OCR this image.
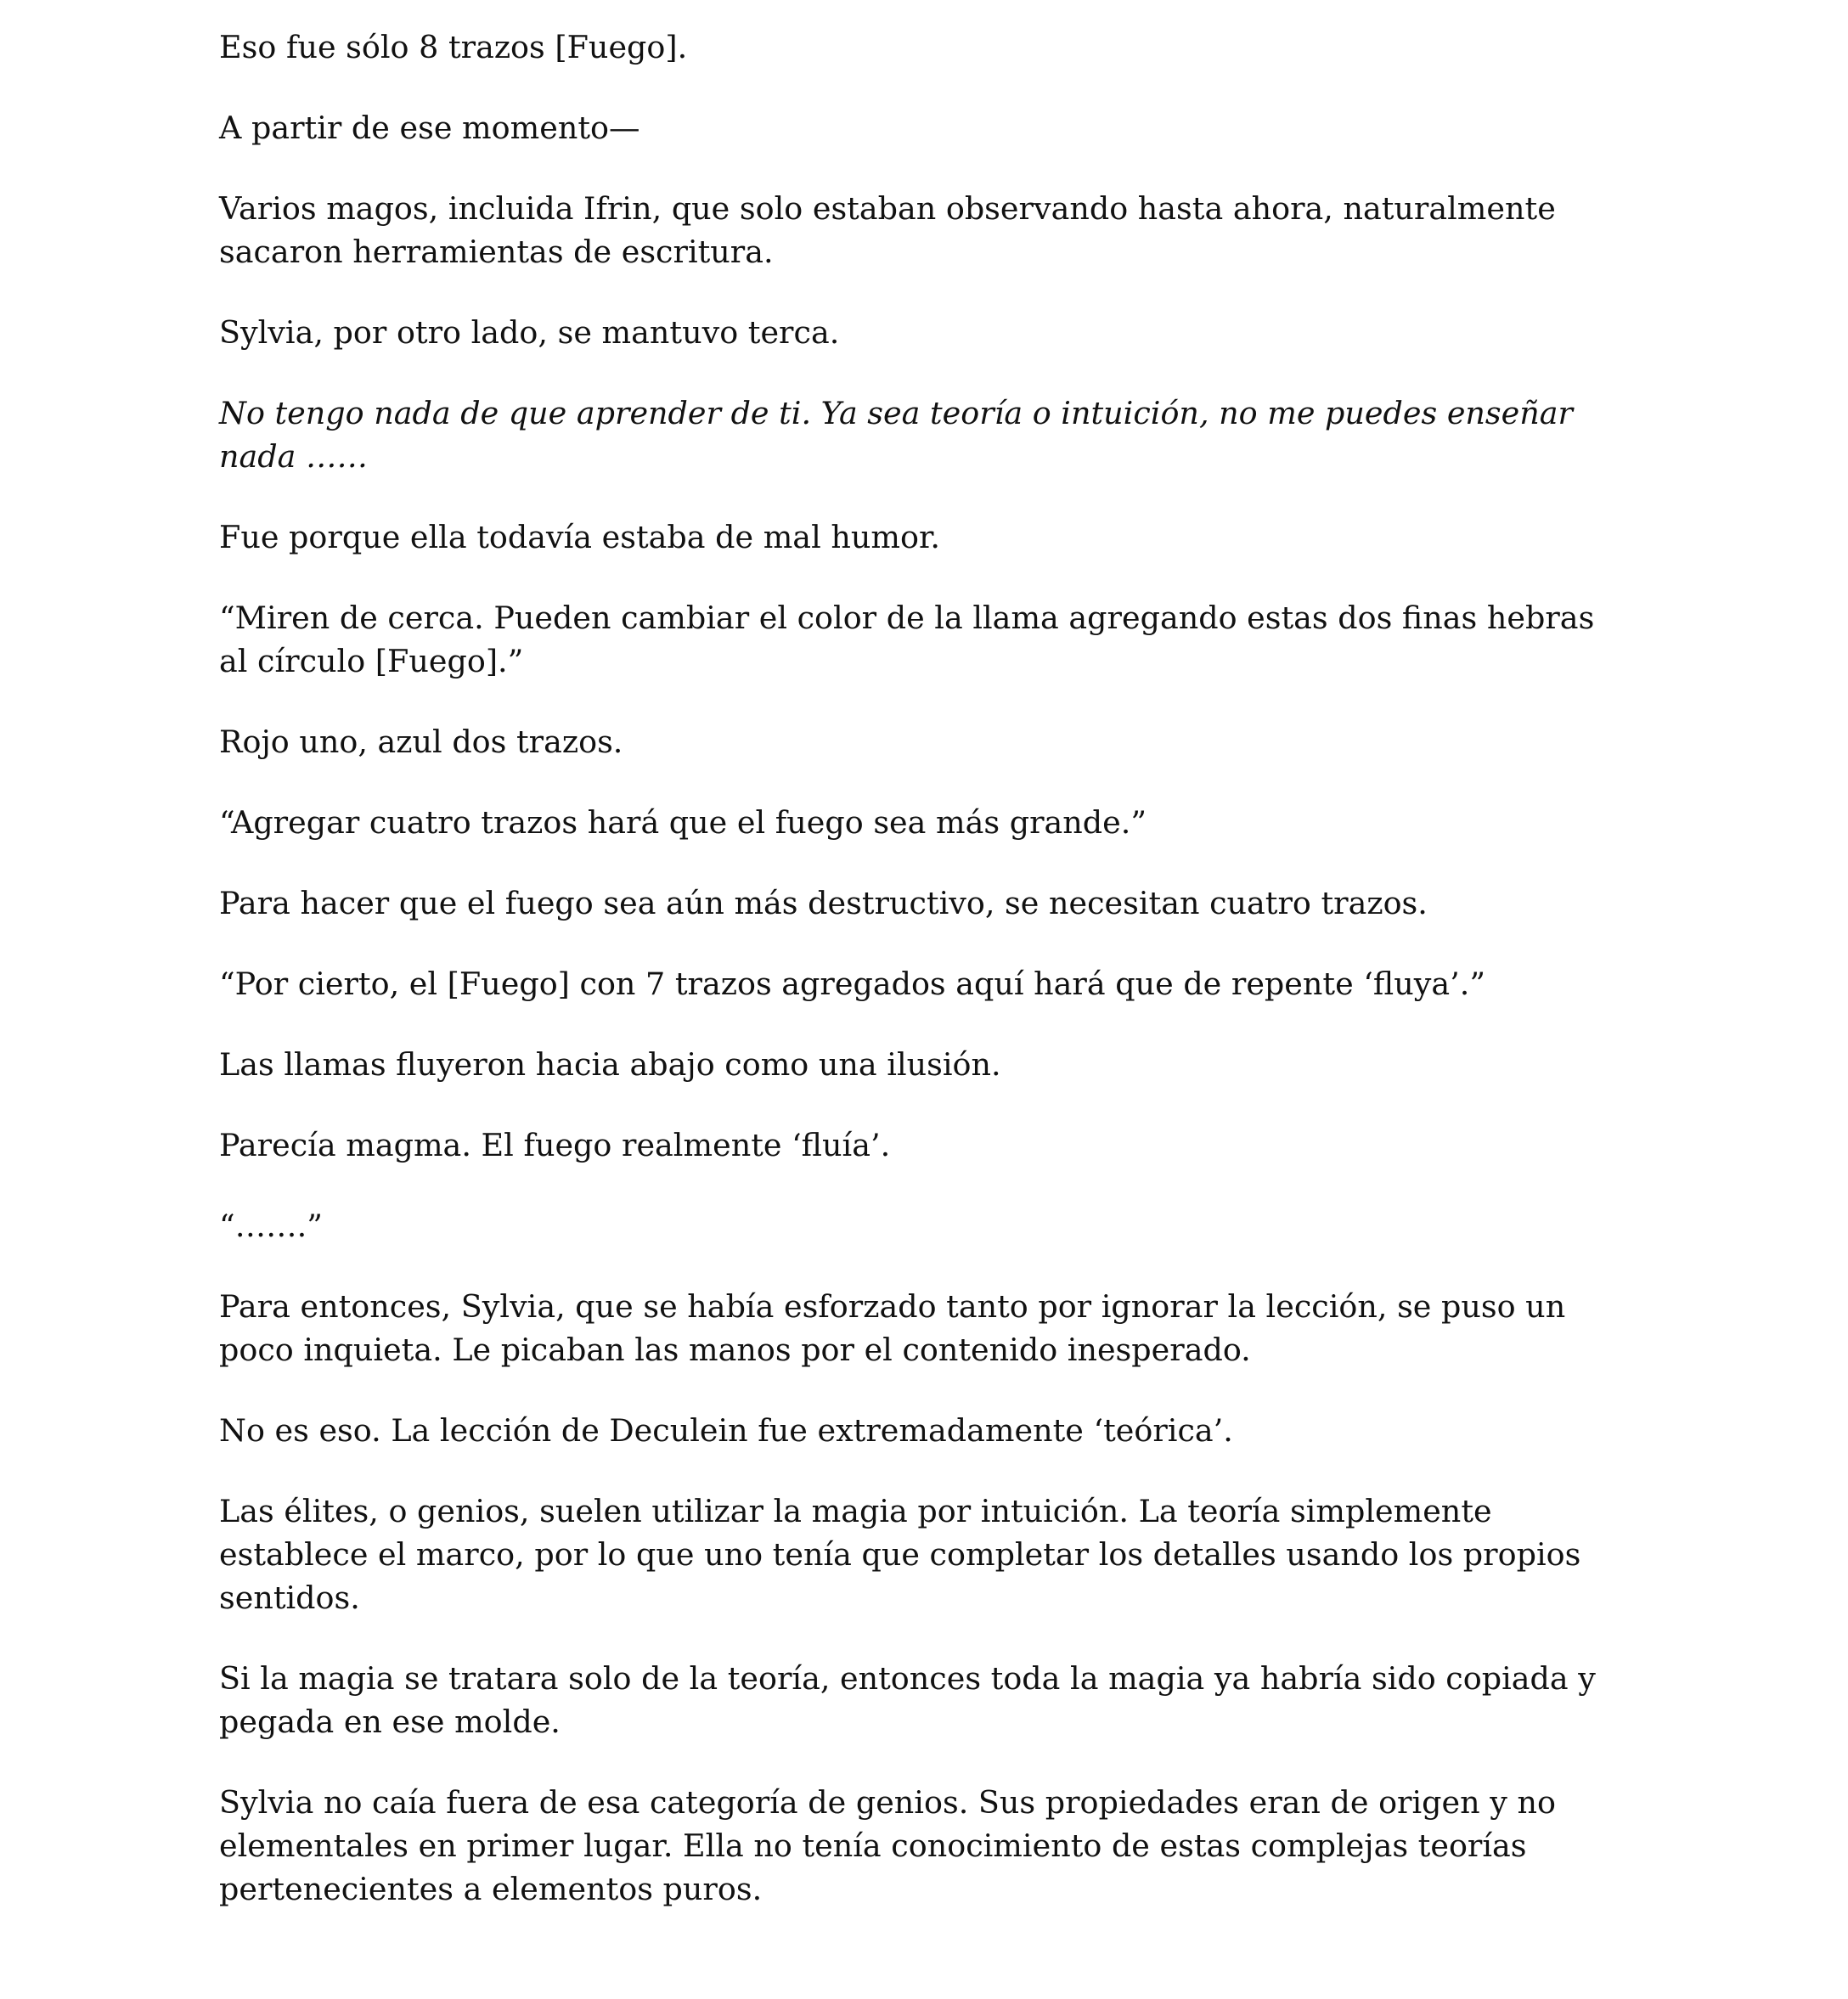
Eso fue sólo 8 trazos [Fuego].

A partir de ese momento—

Varios magos, incluida Ifrin, que solo estaban observando hasta ahora, naturalmente sacaron herramientas de escritura.

Sylvia, por otro lado, se mantuvo terca.

No tengo nada de que aprender de ti. Ya sea teoría o intuición, no me puedes enseñar nada ……

Fue porque ella todavía estaba de mal humor.

“Miren de cerca. Pueden cambiar el color de la llama agregando estas dos finas hebras al círculo [Fuego].”

Rojo uno, azul dos trazos.

“Agregar cuatro trazos hará que el fuego sea más grande.”

Para hacer que el fuego sea aún más destructivo, se necesitan cuatro trazos.

“Por cierto, el [Fuego] con 7 trazos agregados aquí hará que de repente ‘fluya’.”

Las llamas fluyeron hacia abajo como una ilusión.

Parecía magma. El fuego realmente ‘fluía’.

“…….”

Para entonces, Sylvia, que se había esforzado tanto por ignorar la lección, se puso un poco inquieta. Le picaban las manos por el contenido inesperado.

No es eso. La lección de Deculein fue extremadamente ‘teórica’.

Las élites, o genios, suelen utilizar la magia por intuición. La teoría simplemente establece el marco, por lo que uno tenía que completar los detalles usando los propios sentidos.

Si la magia se tratara solo de la teoría, entonces toda la magia ya habría sido copiada y pegada en ese molde.

Sylvia no caía fuera de esa categoría de genios. Sus propiedades eran de origen y no elementales en primer lugar. Ella no tenía conocimiento de estas complejas teorías pertenecientes a elementos puros.
